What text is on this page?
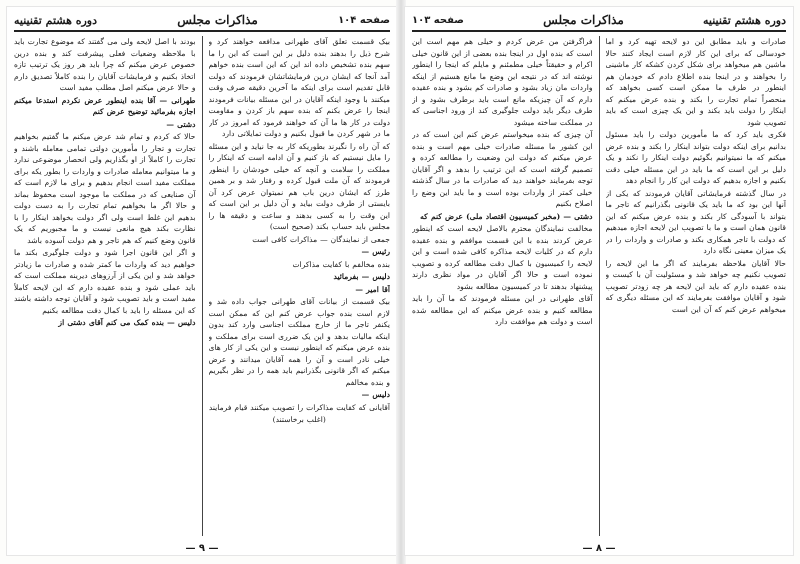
صفحه ۱۰۴
مذاکرات مجلس
دوره هشتم تقنینیه

بیک قسمت تعلق آقای طهرانی مدافعه خواهند کرد و شرح ذیل را بدهند بنده دلیل بر این است که این را ما سهم بنده تشخیص داده اند این که این است بنده خواهم آمد آنجا که ایشان درین فرمایشاتشان فرمودند که دولت قابل تقدیم است برای اینکه ما آخرین دقیقه صرف وقت میکنند با وجود اینکه آقایان در این مسئله بیانات فرمودند اینجا را عرض بکنم که بنده سهم باز کردن و مقاومت دولت در کار ها ما آن که خواهند فرمود که امروز در کار ما در شهر کردن ما قبول بکنیم و دولت تمایلاتی دارد

که آن راه را نگیرند بطوریکه کار به جا نیاید و این مسئله را مایل نیستیم که باز کنیم و آن ادامه است که اینکار را مملکت را سلامت و آنچه که خیلی خودشان را اینطور فرمودند که آن ملت قبول کرده و رفتار شد و بر همین طرز که ایشان درین باب هم نمیتوان عرض کرد آن بایستی از طرف دولت بیاید و آن دلیل بر این است که این وقت را به کسی بدهند و ساعت و دقیقه ها را مجلس باید حساب بکند (صحیح است)

جمعی از نمایندگان — مذاکرات کافی است

رئیس —

بنده مخالفم با کفایت مذاکرات

دلیس — بفرمائید

آقا امیر —

بیک قسمت از بیانات آقای طهرانی جواب داده شد و لازم است بنده جواب عرض کنم این که ممکن است یکنفر تاجر ما از خارج مملکت اجناسی وارد کند بدون اینکه مالیات بدهد و این یک ضرری است برای مملکت و بنده عرض میکنم که اینطور نیست و این یکی از کار های خیلی نادر است و آن را همه آقایان میدانند و عرض میکنم که اگر قانونی بگذرانیم باید همه را در نظر بگیریم و بنده مخالفم

دلیس —

آقایانی که کفایت مذاکرات را تصویب میکنند قیام فرمایند

(اغلب برخاستند)

بودند با اصل لایحه ولی می گفتند که موضوع تجارت باید با ملاحظه وضعیات فعلی پیشرفت کند و بنده درین خصوص عرض میکنم که چرا باید هر روز یک ترتیب تازه اتخاذ بکنیم و فرمایشات آقایان را بنده کاملاً تصدیق دارم و حالا عرض میکنم اصل مطلب مفید است

طهرانی — آقا بنده اینطور عرض نکردم استدعا میکنم اجازه بفرمائید توضیح عرض کنم

دشتی —

حالا که کردم و تمام شد عرض میکنم ما گفتیم بخواهیم تجارت و تجار را مأمورین دولتی تمامی معامله باشند و تجارت را کاملاً از او بگذاریم ولی انحصار موضوعی ندارد و ما میتوانیم معامله صادرات و واردات را بطور یکه برای مملکت مفید است انجام بدهیم و برای ما لازم است که آن صنایعی که در مملکت ما موجود است محفوظ بماند و حالا اگر ما بخواهیم تمام تجارت را به دست دولت بدهیم این غلط است ولی اگر دولت بخواهد اینکار را با نظارت بکند هیچ مانعی نیست و ما مجبوریم که یک قانون وضع کنیم که هم تاجر و هم دولت آسوده باشد

و اگر این قانون اجرا شود و دولت جلوگیری بکند ما خواهیم دید که واردات ما کمتر شده و صادرات ما زیادتر خواهد شد و این یکی از آرزوهای دیرینه مملکت است که باید عملی شود و بنده عقیده دارم که این لایحه کاملاً مفید است و باید تصویب شود و آقایان توجه داشته باشند که این مسئله را باید با کمال دقت مطالعه بکنیم

دلیس — بنده کمک می کنم آقای دشتی از

— ۹ —
دوره هشتم تقنینیه
مذاکرات مجلس
صفحه ۱۰۳

صادرات و باید مطابق این دو لایحه تهیه کرد و اما خودسالی که برای این کار لازم است ایجاد کنند حالا ماشین هم میخواهد برای شکل کردن کشکه کار ماشینی را بخواهند و در اینجا بنده اطلاع دادم که خودمان هم اینطور در طرف ما ممکن است کسی بخواهد که منحصراً تمام تجارت را بکند و بنده عرض میکنم که اینکار را دولت باید بکند و این یک چیزی است که باید تصویب شود

فکری باید کرد که ما مأمورین دولت را باید مسئول بدانیم برای اینکه دولت بتواند اینکار را بکند و بنده عرض میکنم که ما نمیتوانیم بگوئیم دولت اینکار را نکند و یک دلیل بر این است که ما باید در این مسئله خیلی دقت بکنیم و اجازه بدهیم که دولت این کار را انجام دهد

در سال گذشته فرمایشاتی آقایان فرمودند که یکی از آنها این بود که ما باید یک قانونی بگذرانیم که تاجر ما بتواند با آسودگی کار بکند و بنده عرض میکنم که این قانون همان است و ما با تصویب این لایحه اجازه میدهیم که دولت با تاجر همکاری بکند و صادرات و واردات را در یک میزان معینی نگاه دارد

حالا آقایان ملاحظه بفرمایند که اگر ما این لایحه را تصویب نکنیم چه خواهد شد و مسئولیت آن با کیست و بنده عقیده دارم که باید این لایحه هر چه زودتر تصویب شود و آقایان موافقت بفرمایند که این مسئله دیگری که میخواهم عرض کنم که آن این است

فراگرفتن من عرض کردم و خیلی هم مهم است این است که بنده اول در اینجا بنده بعضی از این قانون خیلی اکرام و حقیقتاً خیلی مطمئنم و مایلم که اینجا را اینطور نوشته اند که در نتیجه این وضع ما مانع هستیم از اینکه واردات مان زیاد بشود و صادرات کم بشود و بنده عقیده دارم که آن چیزیکه مانع است باید برطرف بشود و از طرف دیگر باید دولت جلوگیری کند از ورود اجناسی که در مملکت ساخته میشود

آن چیزی که بنده میخواستم عرض کنم این است که در این کشور ما مسئله صادرات خیلی مهم است و بنده عرض میکنم که دولت این وضعیت را مطالعه کرده و تصمیم گرفته است که این ترتیب را بدهد و اگر آقایان توجه بفرمایند خواهند دید که صادرات ما در سال گذشته خیلی کمتر از واردات بوده است و ما باید این وضع را اصلاح بکنیم

دشتی — (مخبر کمیسیون اقتصاد ملی) عرض کنم که

مخالفت نمایندگان محترم بالاصل لایحه است که اینطور عرض کردند بنده با این قسمت موافقم و بنده عقیده دارم که در کلیات لایحه مذاکره کافی شده است و این لایحه را کمیسیون با کمال دقت مطالعه کرده و تصویب نموده است و حالا اگر آقایان در مواد نظری دارند پیشنهاد بدهند تا در کمیسیون مطالعه بشود

آقای طهرانی در این مسئله فرمودند که ما آن را باید مطالعه کنیم و بنده عرض میکنم که این مطالعه شده است و دولت هم موافقت دارد

— ۸ —
